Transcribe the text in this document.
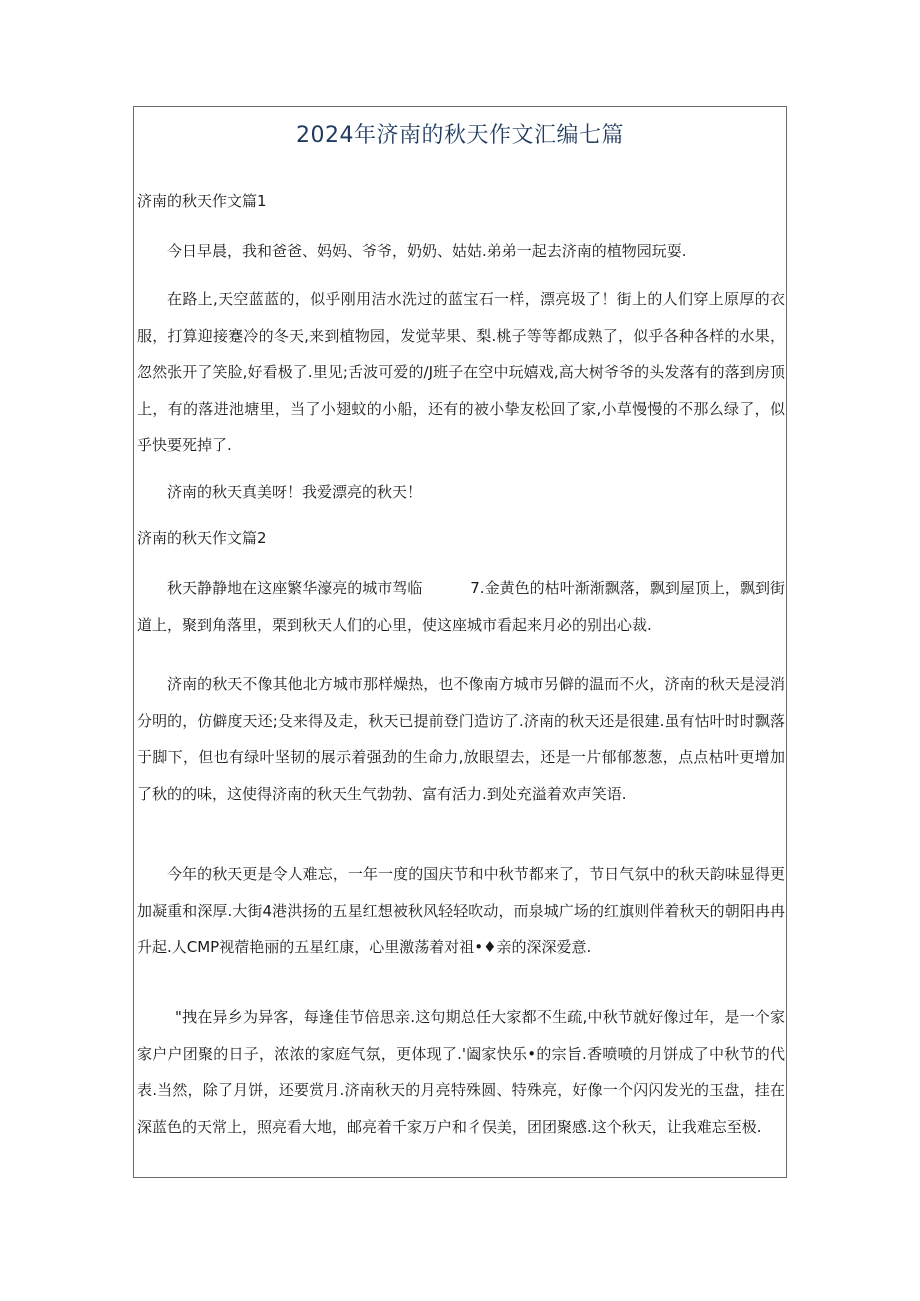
2024年济南的秋天作文汇编七篇

济南的秋天作文篇1

今日早晨，我和爸爸、妈妈、爷爷，奶奶、姑姑.弟弟一起去济南的植物园玩耍.

在路上,天空蓝蓝的，似乎刚用洁水洗过的蓝宝石一样，漂亮圾了！街上的人们穿上原厚的衣服，打算迎接蹇冷的冬天,来到植物园，发觉苹果、梨.桃子等等都成熟了，似乎各种各样的水果，忽然张开了笑脸,好看极了.里见;舌波可爱的∕J班子在空中玩嬉戏,高大树爷爷的头发落有的落到房顶上，有的落进池塘里，当了小翅蚊的小船，还有的被小挚友松回了家,小草慢慢的不那么绿了，似乎快要死掉了.

济南的秋天真美呀！我爱漂亮的秋天！

济南的秋天作文篇2

秋天静静地在这座繁华濠亮的城市驾临          7.金黄色的枯叶渐渐飘落，飘到屋顶上，飘到街道上，聚到角落里，栗到秋天人们的心里，使这座城市看起来月必的别出心裁.

济南的秋天不像其他北方城市那样燥热，也不像南方城市另僻的温而不火，济南的秋天是浸消分明的，仿僻度天还;殳来得及走，秋天已提前登门造访了.济南的秋天还是很建.虽有怙叶时时飘落于脚下，但也有绿叶坚韧的展示着强劲的生命力,放眼望去，还是一片郁郁葱葱，点点枯叶更增加了秋的的味，这使得济南的秋天生气勃勃、富有活力.到处充溢着欢声笑语.

今年的秋天更是令人难忘，一年一度的国庆节和中秋节都来了，节日气氛中的秋天韵味显得更加凝重和深厚.大街4港洪扬的五星红想被秋风轻轻吹动，而泉城广场的红旗则伴着秋天的朝阳冉冉升起.人CMP视蓿艳丽的五星红康，心里激荡着对祖•♦亲的深深爱意.

"拽在异乡为异客，每逢佳节倍思亲.这句期总任大家都不生疏,中秋节就好像过年，是一个家家户户团聚的日子，浓浓的家庭气氛，更体现了.'阖家快乐•的宗旨.香喷喷的月饼成了中秋节的代表.当然，除了月饼，还要赏月.济南秋天的月亮特殊圆、特殊亮，好像一个闪闪发光的玉盘，挂在深蓝色的天常上，照亮看大地，邮亮着千家万户和彳俣美，团团聚感.这个秋天，让我难忘至极.
